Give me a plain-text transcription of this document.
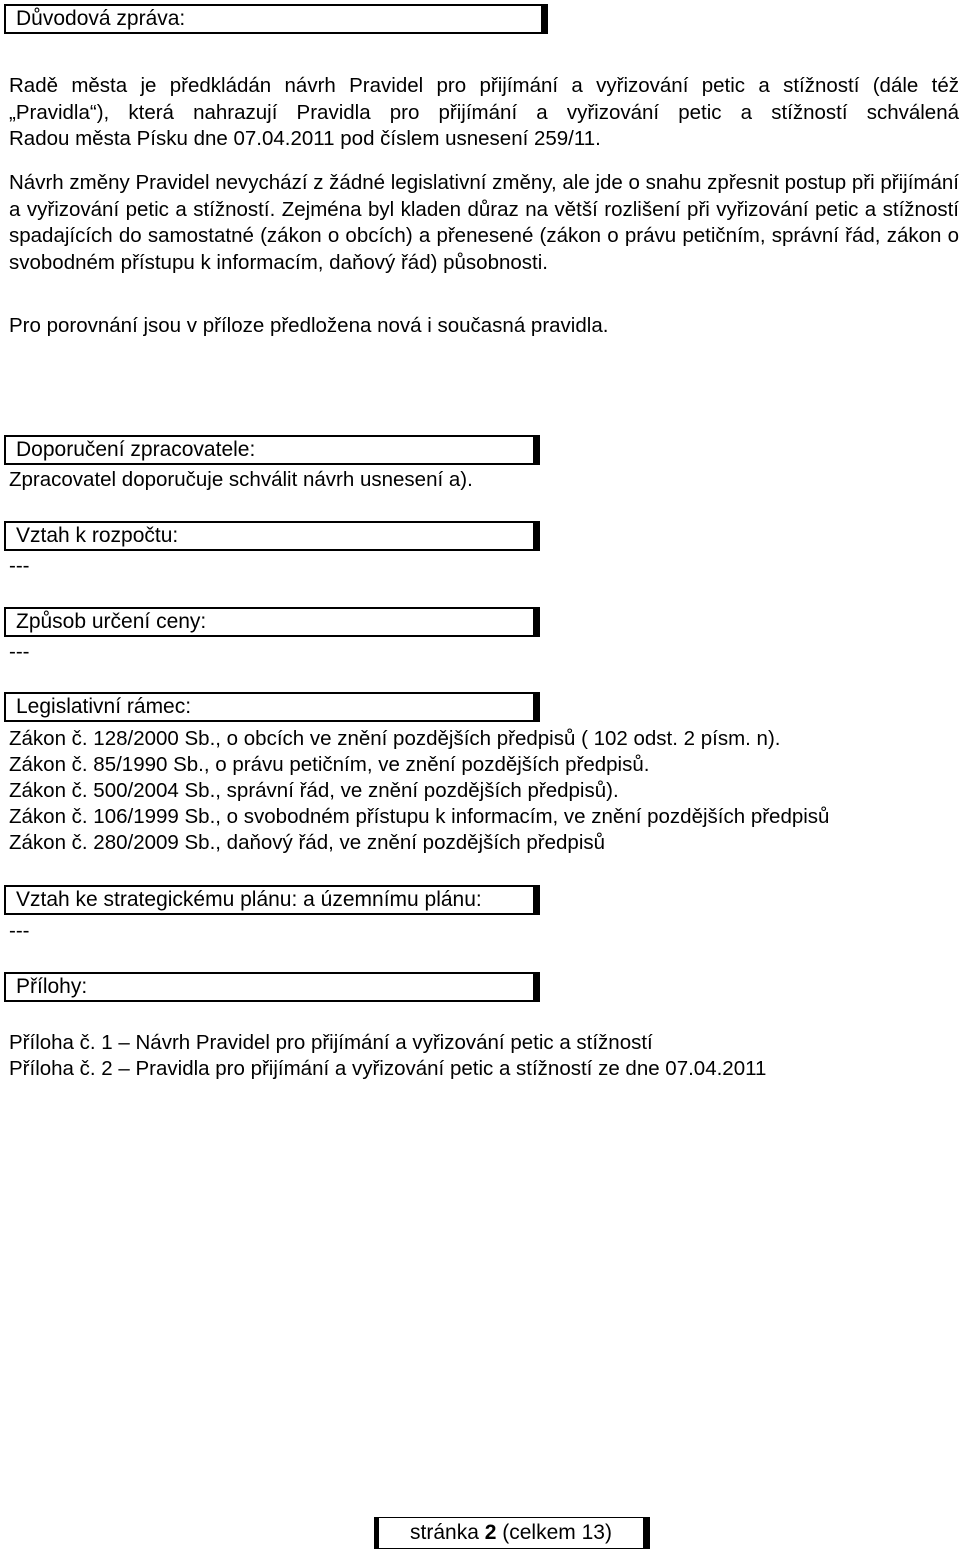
Důvodová zpráva:
Radě města je předkládán návrh Pravidel pro přijímání a vyřizování petic a stížností (dále též
„Pravidla“), která nahrazují Pravidla pro přijímání a vyřizování petic a stížností schválená
Radou města Písku dne 07.04.2011 pod číslem usnesení 259/11.
Návrh změny Pravidel nevychází z žádné legislativní změny, ale jde o snahu zpřesnit postup při přijímání a vyřizování petic a stížností. Zejména byl kladen důraz na větší rozlišení při vyřizování petic a stížností spadajících do samostatné (zákon o obcích) a přenesené (zákon o právu petičním, správní řád, zákon o svobodném přístupu k informacím, daňový řád) působnosti.
Pro porovnání jsou v příloze předložena nová i současná pravidla.
Doporučení zpracovatele:
Zpracovatel doporučuje schválit návrh usnesení a).
Vztah k rozpočtu:
---
Způsob určení ceny:
---
Legislativní rámec:
Zákon č. 128/2000 Sb., o obcích ve znění pozdějších předpisů ( 102 odst. 2 písm. n).
Zákon č. 85/1990 Sb., o právu petičním, ve znění pozdějších předpisů.
Zákon č. 500/2004 Sb., správní řád, ve znění pozdějších předpisů).
Zákon č. 106/1999 Sb., o svobodném přístupu k informacím, ve znění pozdějších předpisů
Zákon č. 280/2009 Sb., daňový řád, ve znění pozdějších předpisů
Vztah ke strategickému plánu: a územnímu plánu:
---
Přílohy:
Příloha č. 1 – Návrh Pravidel pro přijímání a vyřizování petic a stížností
Příloha č. 2 – Pravidla pro přijímání a vyřizování petic a stížností ze dne 07.04.2011
stránka 2 (celkem 13)
